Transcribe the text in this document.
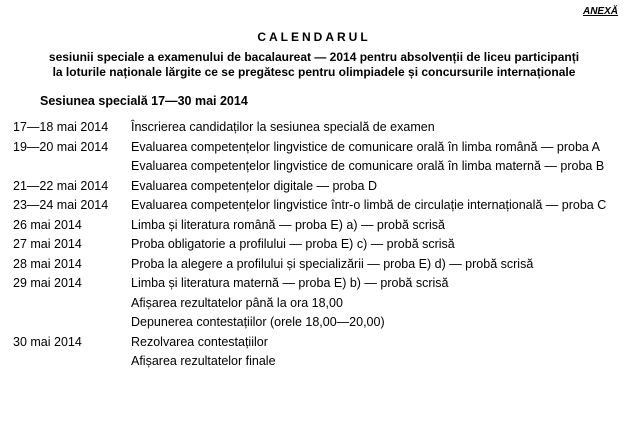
ANEXĂ
CALENDARUL
sesiunii speciale a examenului de bacalaureat — 2014 pentru absolvenții de liceu participanți
la loturile naționale lărgite ce se pregătesc pentru olimpiadele și concursurile internaționale
Sesiunea specială 17—30 mai 2014
17—18 mai 2014	Înscrierea candidaților la sesiunea specială de examen
19—20 mai 2014	Evaluarea competențelor lingvistice de comunicare orală în limba română — proba A
Evaluarea competențelor lingvistice de comunicare orală în limba maternă — proba B
21—22 mai 2014	Evaluarea competențelor digitale — proba D
23—24 mai 2014	Evaluarea competențelor lingvistice într-o limbă de circulație internațională — proba C
26 mai 2014	Limba și literatura română — proba E) a) — probă scrisă
27 mai 2014	Proba obligatorie a profilului — proba E) c) — probă scrisă
28 mai 2014	Proba la alegere a profilului și specializării — proba E) d) — probă scrisă
29 mai 2014	Limba și literatura maternă — proba E) b) — probă scrisă
Afișarea rezultatelor până la ora 18,00
Depunerea contestațiilor (orele 18,00—20,00)
30 mai 2014	Rezolvarea contestațiilor
Afișarea rezultatelor finale
